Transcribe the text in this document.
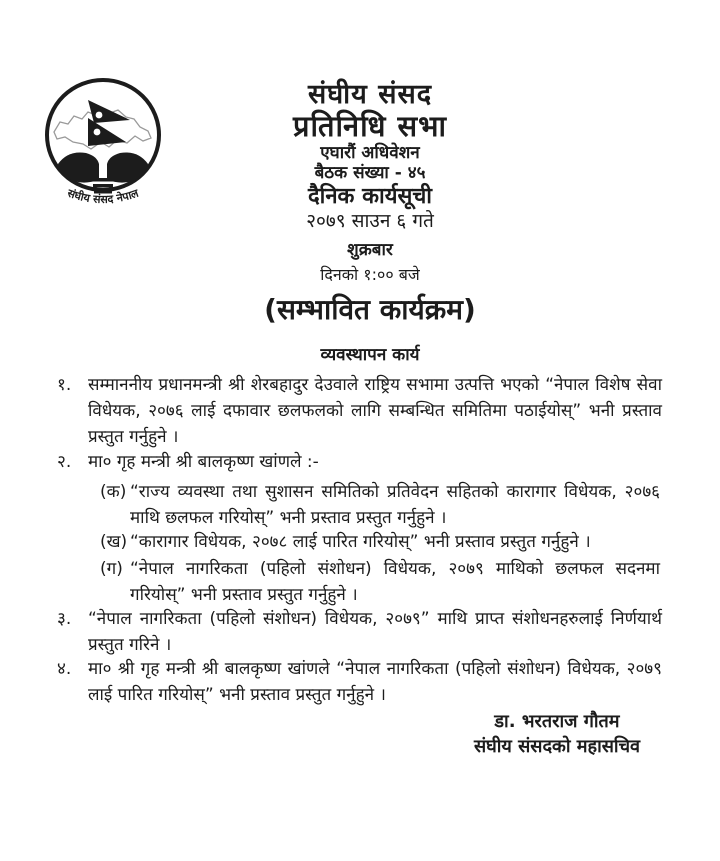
संघीय संसद नेपाल
संघीय संसद
प्रतिनिधि सभा
एघारौं अधिवेशन
बैठक संख्या - ४५
दैनिक कार्यसूची
२०७९ साउन ६ गते
शुक्रबार
दिनको १:०० बजे
(सम्भावित कार्यक्रम)
व्यवस्थापन कार्य
१. सम्माननीय प्रधानमन्त्री श्री शेरबहादुर देउवाले राष्ट्रिय सभामा उत्पत्ति भएको “नेपाल विशेष सेवा विधेयक, २०७६ लाई दफावार छलफलको लागि सम्बन्धित समितिमा पठाईयोस्” भनी प्रस्ताव प्रस्तुत गर्नुहुने ।
२. मा० गृह मन्त्री श्री बालकृष्ण खांणले :-
(क) “राज्य व्यवस्था तथा सुशासन समितिको प्रतिवेदन सहितको कारागार विधेयक, २०७६ माथि छलफल गरियोस्” भनी प्रस्ताव प्रस्तुत गर्नुहुने ।
(ख) “कारागार विधेयक, २०७८ लाई पारित गरियोस्” भनी प्रस्ताव प्रस्तुत गर्नुहुने ।
(ग) “नेपाल नागरिकता (पहिलो संशोधन) विधेयक, २०७९ माथिको छलफल सदनमा गरियोस्” भनी प्रस्ताव प्रस्तुत गर्नुहुने ।
३. “नेपाल नागरिकता (पहिलो संशोधन) विधेयक, २०७९” माथि प्राप्त संशोधनहरुलाई निर्णयार्थ प्रस्तुत गरिने ।
४. मा० श्री गृह मन्त्री श्री बालकृष्ण खांणले “नेपाल नागरिकता (पहिलो संशोधन) विधेयक, २०७९ लाई पारित गरियोस्” भनी प्रस्ताव प्रस्तुत गर्नुहुने ।
डा. भरतराज गौतम
संघीय संसदको महासचिव
